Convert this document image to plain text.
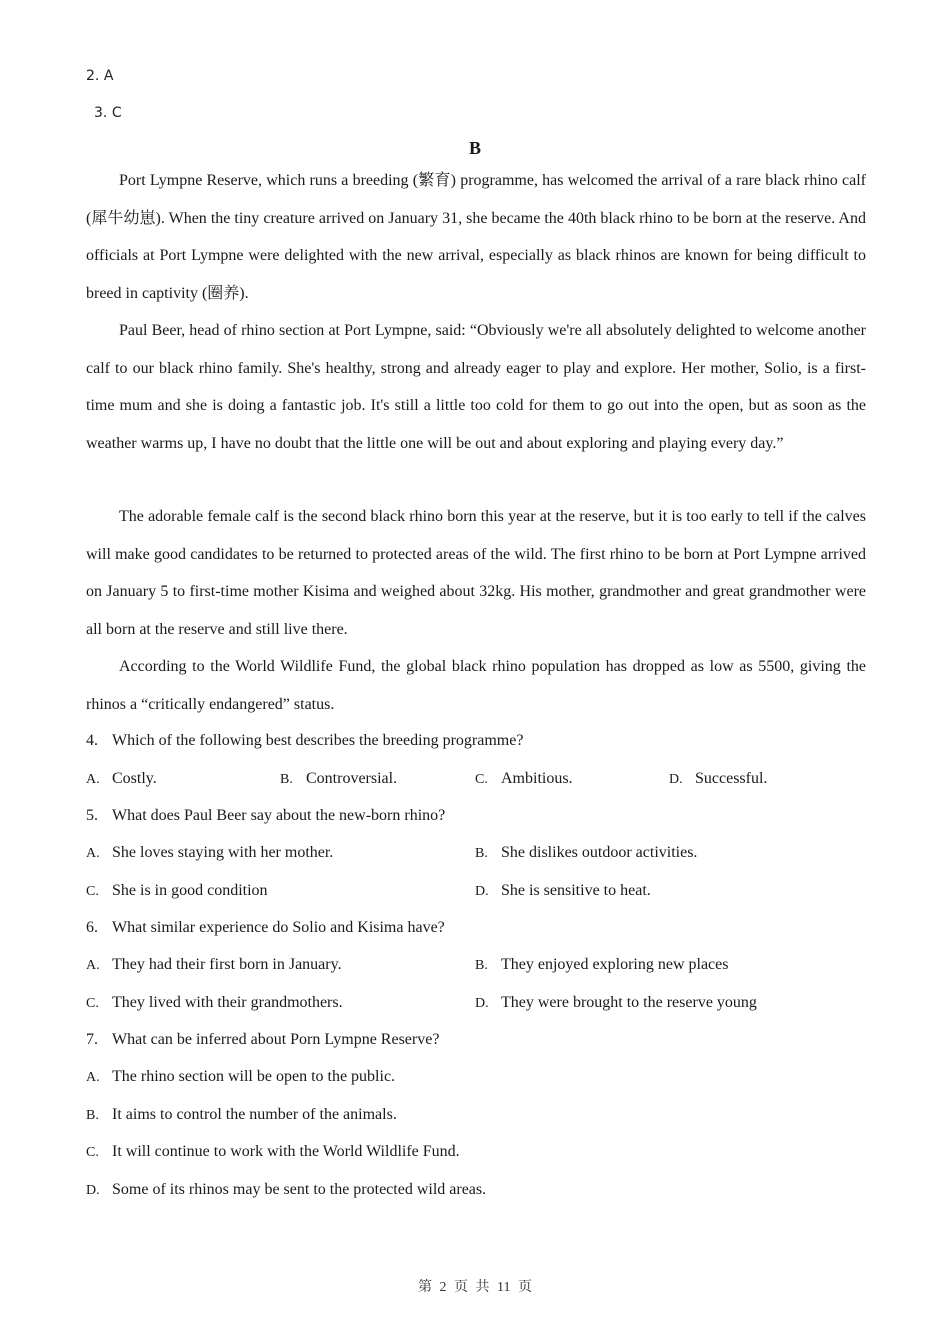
2. A
3. C
B

Port Lympne Reserve, which runs a breeding (繁育) programme, has welcomed the arrival of a rare black rhino calf (犀牛幼崽). When the tiny creature arrived on January 31, she became the 40th black rhino to be born at the reserve. And officials at Port Lympne were delighted with the new arrival, especially as black rhinos are known for being difficult to breed in captivity (圈养).

Paul Beer, head of rhino section at Port Lympne, said: “Obviously we're all absolutely delighted to welcome another calf to our black rhino family. She's healthy, strong and already eager to play and explore. Her mother, Solio, is a first-time mum and she is doing a fantastic job. It's still a little too cold for them to go out into the open, but as soon as the weather warms up, I have no doubt that the little one will be out and about exploring and playing every day.”

The adorable female calf is the second black rhino born this year at the reserve, but it is too early to tell if the calves will make good candidates to be returned to protected areas of the wild. The first rhino to be born at Port Lympne arrived on January 5 to first-time mother Kisima and weighed about 32kg. His mother, grandmother and great grandmother were all born at the reserve and still live there.

According to the World Wildlife Fund, the global black rhino population has dropped as low as 5500, giving the rhinos a “critically endangered” status.

4. Which of the following best describes the breeding programme?
A. Costly.	B. Controversial.	C. Ambitious.	D. Successful.
5. What does Paul Beer say about the new-born rhino?
A. She loves staying with her mother.	B. She dislikes outdoor activities.
C. She is in good condition	D. She is sensitive to heat.
6. What similar experience do Solio and Kisima have?
A. They had their first born in January.	B. They enjoyed exploring new places
C. They lived with their grandmothers.	D. They were brought to the reserve young
7. What can be inferred about Porn Lympne Reserve?
A. The rhino section will be open to the public.
B. It aims to control the number of the animals.
C. It will continue to work with the World Wildlife Fund.
D. Some of its rhinos may be sent to the protected wild areas.
第 2 页 共 11 页
